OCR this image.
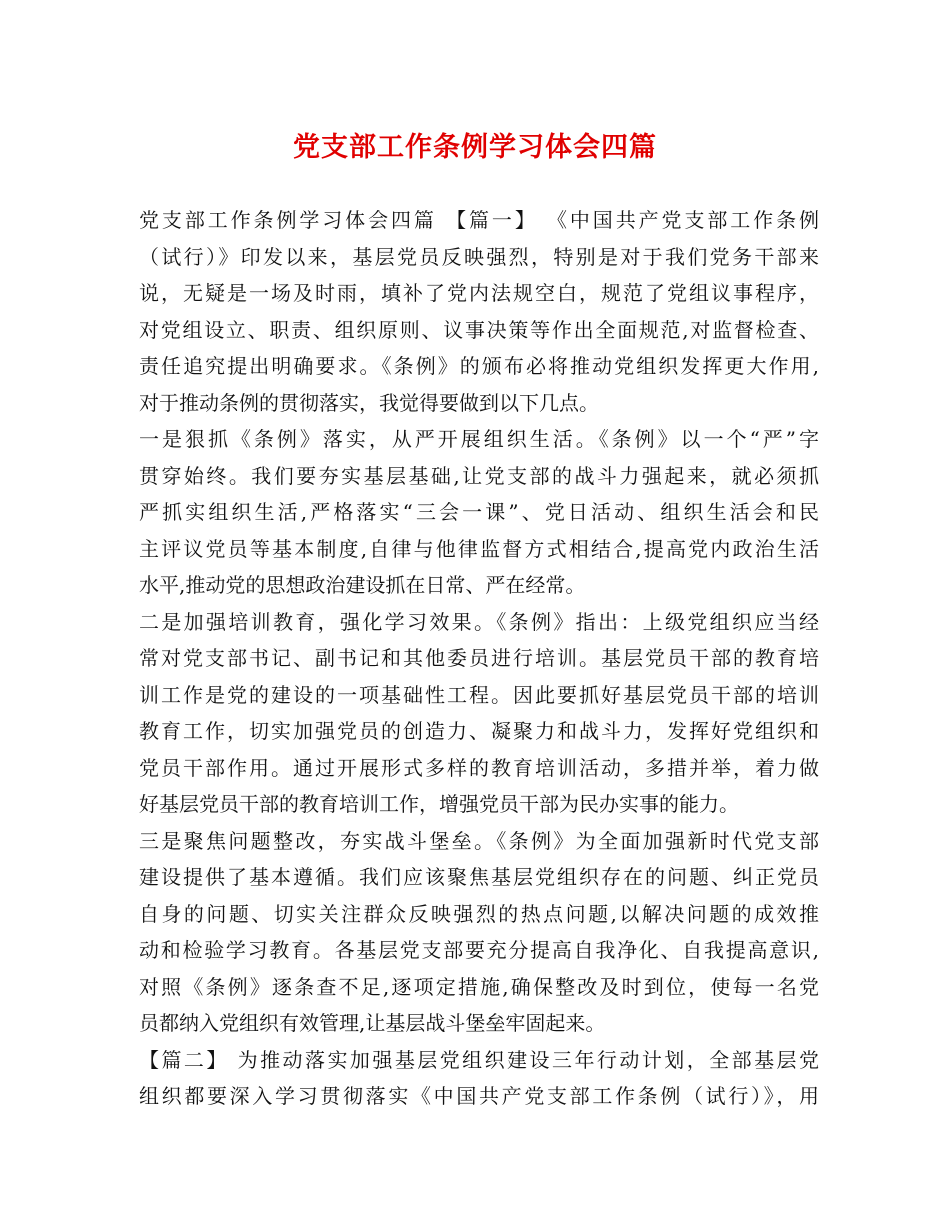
党支部工作条例学习体会四篇
党支部工作条例学习体会四篇 【篇一】 《中国共产党支部工作条例
（试行）》印发以来，基层党员反映强烈，特别是对于我们党务干部来
说，无疑是一场及时雨，填补了党内法规空白，规范了党组议事程序，
对党组设立、职责、组织原则、议事决策等作出全面规范,对监督检查、
责任追究提出明确要求。《条例》的颁布必将推动党组织发挥更大作用,
对于推动条例的贯彻落实，我觉得要做到以下几点。
一是狠抓《条例》落实，从严开展组织生活。《条例》以一个“严”字
贯穿始终。我们要夯实基层基础,让党支部的战斗力强起来，就必须抓
严抓实组织生活,严格落实“三会一课”、党日活动、组织生活会和民
主评议党员等基本制度,自律与他律监督方式相结合,提高党内政治生活
水平,推动党的思想政治建设抓在日常、严在经常。
二是加强培训教育，强化学习效果。《条例》指出：上级党组织应当经
常对党支部书记、副书记和其他委员进行培训。基层党员干部的教育培
训工作是党的建设的一项基础性工程。因此要抓好基层党员干部的培训
教育工作，切实加强党员的创造力、凝聚力和战斗力，发挥好党组织和
党员干部作用。通过开展形式多样的教育培训活动，多措并举，着力做
好基层党员干部的教育培训工作，增强党员干部为民办实事的能力。
三是聚焦问题整改，夯实战斗堡垒。《条例》为全面加强新时代党支部
建设提供了基本遵循。我们应该聚焦基层党组织存在的问题、纠正党员
自身的问题、切实关注群众反映强烈的热点问题,以解决问题的成效推
动和检验学习教育。各基层党支部要充分提高自我净化、自我提高意识,
对照《条例》逐条查不足,逐项定措施,确保整改及时到位，使每一名党
员都纳入党组织有效管理,让基层战斗堡垒牢固起来。
【篇二】 为推动落实加强基层党组织建设三年行动计划，全部基层党
组织都要深入学习贯彻落实《中国共产党支部工作条例（试行）》，用
